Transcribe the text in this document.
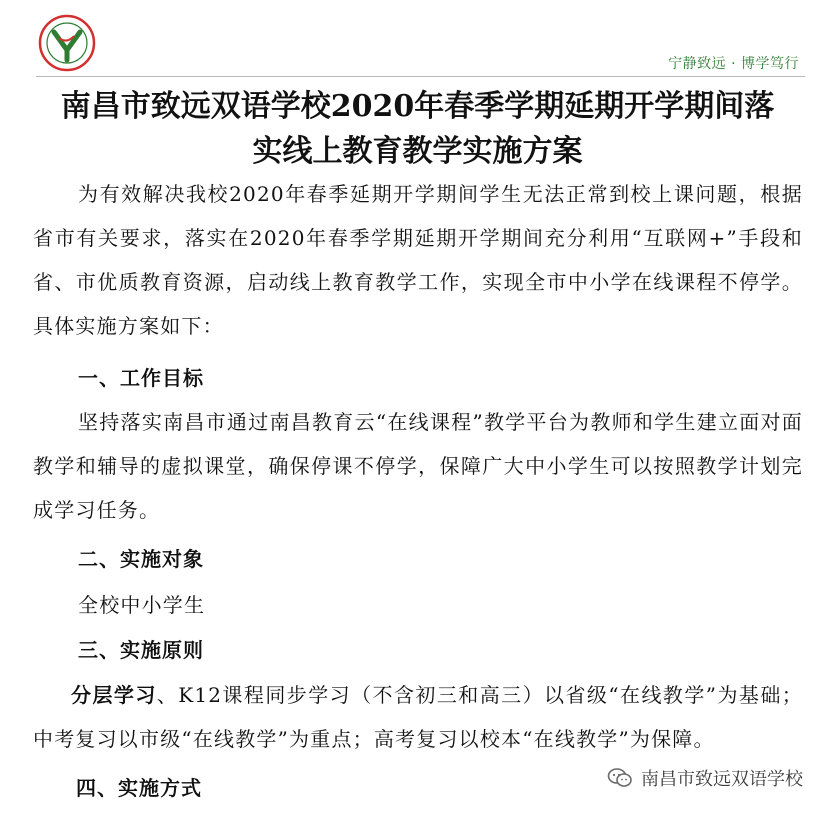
宁静致远 · 博学笃行
南昌市致远双语学校2020年春季学期延期开学期间落
实线上教育教学实施方案
为有效解决我校2020年春季延期开学期间学生无法正常到校上课问题，根据省市有关要求，落实在2020年春季学期延期开学期间充分利用“互联网+”手段和省、市优质教育资源，启动线上教育教学工作，实现全市中小学在线课程不停学。具体实施方案如下：
一、工作目标
坚持落实南昌市通过南昌教育云“在线课程”教学平台为教师和学生建立面对面教学和辅导的虚拟课堂，确保停课不停学，保障广大中小学生可以按照教学计划完成学习任务。
二、实施对象
全校中小学生
三、实施原则
分层学习、K12课程同步学习（不含初三和高三）以省级“在线教学”为基础；中考复习以市级“在线教学”为重点；高考复习以校本“在线教学”为保障。
四、实施方式	南昌市致远双语学校
